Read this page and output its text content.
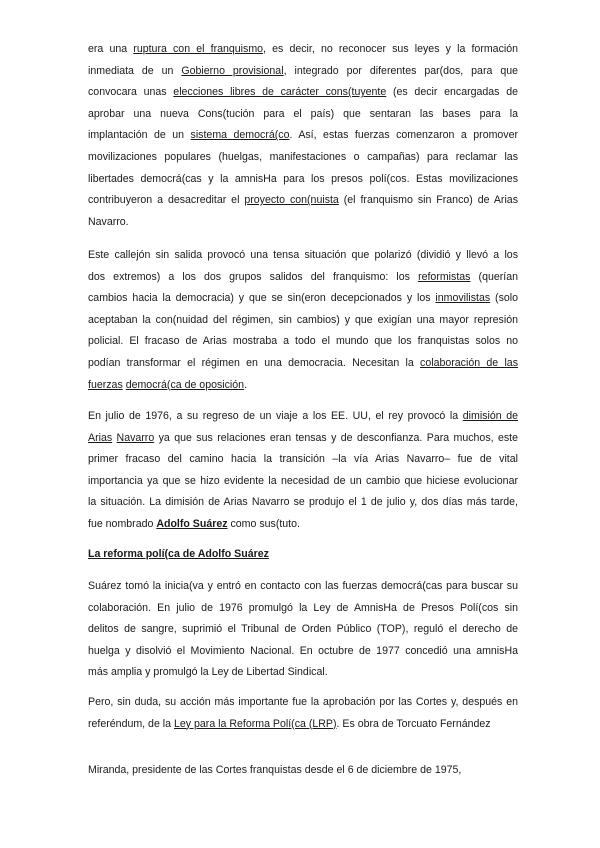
era una ruptura con el franquismo, es decir, no reconocer sus leyes y la formación
inmediata de un Gobierno provisional, integrado por diferentes par(dos, para que
convocara unas elecciones libres de carácter cons(tuyente (es decir encargadas de
aprobar una nueva Cons(tución para el país) que sentaran las bases para la
implantación de un sistema democrá(co. Así, estas fuerzas comenzaron a promover
movilizaciones populares (huelgas, manifestaciones o campañas) para reclamar las
libertades democrá(cas y la amnisHa para los presos polí(cos. Estas movilizaciones
contribuyeron a desacreditar el proyecto con(nuista (el franquismo sin Franco) de Arias
Navarro.
Este callejón sin salida provocó una tensa situación que polarizó (dividió y llevó a los
dos extremos) a los dos grupos salidos del franquismo: los reformistas (querían
cambios hacia la democracia) y que se sin(eron decepcionados y los inmovilistas (solo
aceptaban la con(nuidad del régimen, sin cambios) y que exigían una mayor represión
policial. El fracaso de Arias mostraba a todo el mundo que los franquistas solos no
podían transformar el régimen en una democracia. Necesitan la colaboración de las
fuerzas democrá(ca de oposición.
En julio de 1976, a su regreso de un viaje a los EE. UU, el rey provocó la dimisión de
Arias Navarro ya que sus relaciones eran tensas y de desconfianza. Para muchos, este
primer fracaso del camino hacia la transición –la vía Arias Navarro– fue de vital
importancia ya que se hizo evidente la necesidad de un cambio que hiciese evolucionar
la situación. La dimisión de Arias Navarro se produjo el 1 de julio y, dos días más tarde,
fue nombrado Adolfo Suárez como sus(tuto.
La reforma polí(ca de Adolfo Suárez
Suárez tomó la inicia(va y entró en contacto con las fuerzas democrá(cas para buscar su
colaboración. En julio de 1976 promulgó la Ley de AmnisHa de Presos Polí(cos sin
delitos de sangre, suprimió el Tribunal de Orden Público (TOP), reguló el derecho de
huelga y disolvió el Movimiento Nacional. En octubre de 1977 concedió una amnisHa
más amplia y promulgó la Ley de Libertad Sindical.
Pero, sin duda, su acción más importante fue la aprobación por las Cortes y, después en
referéndum, de la Ley para la Reforma Polí(ca (LRP). Es obra de Torcuato Fernández
Miranda, presidente de las Cortes franquistas desde el 6 de diciembre de 1975,
